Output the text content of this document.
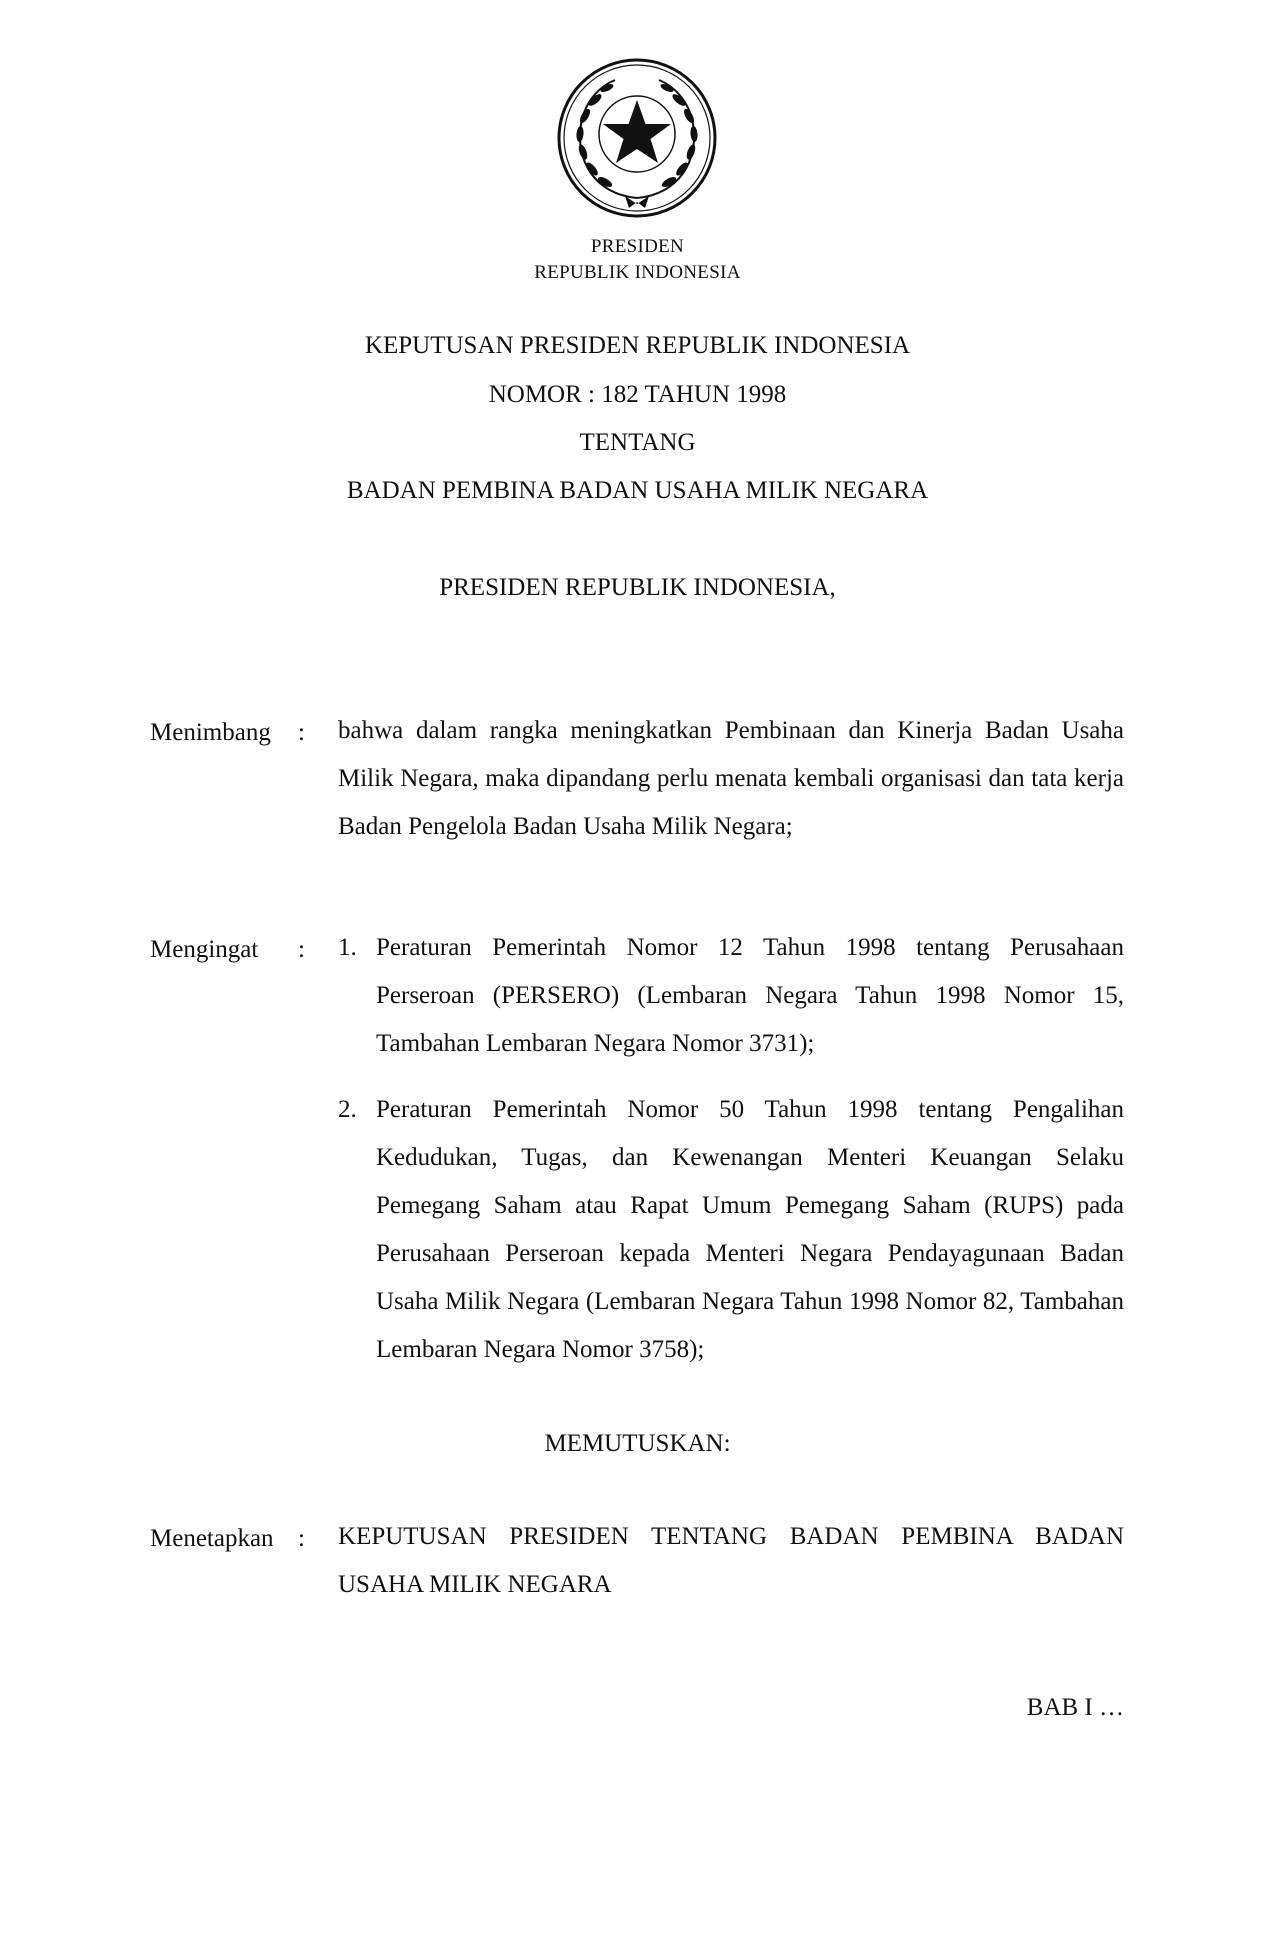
PRESIDEN
REPUBLIK INDONESIA
KEPUTUSAN PRESIDEN REPUBLIK INDONESIA
NOMOR : 182 TAHUN 1998
TENTANG
BADAN PEMBINA BADAN USAHA MILIK NEGARA
PRESIDEN REPUBLIK INDONESIA,
Menimbang : bahwa dalam rangka meningkatkan Pembinaan dan Kinerja Badan Usaha Milik Negara, maka dipandang perlu menata kembali organisasi dan tata kerja Badan Pengelola Badan Usaha Milik Negara;
Mengingat : 1. Peraturan Pemerintah Nomor 12 Tahun 1998 tentang Perusahaan Perseroan (PERSERO) (Lembaran Negara Tahun 1998 Nomor 15, Tambahan Lembaran Negara Nomor 3731);
2. Peraturan Pemerintah Nomor 50 Tahun 1998 tentang Pengalihan Kedudukan, Tugas, dan Kewenangan Menteri Keuangan Selaku Pemegang Saham atau Rapat Umum Pemegang Saham (RUPS) pada Perusahaan Perseroan kepada Menteri Negara Pendayagunaan Badan Usaha Milik Negara (Lembaran Negara Tahun 1998 Nomor 82, Tambahan Lembaran Negara Nomor 3758);
MEMUTUSKAN:
Menetapkan : KEPUTUSAN PRESIDEN TENTANG BADAN PEMBINA BADAN USAHA MILIK NEGARA
BAB I …
